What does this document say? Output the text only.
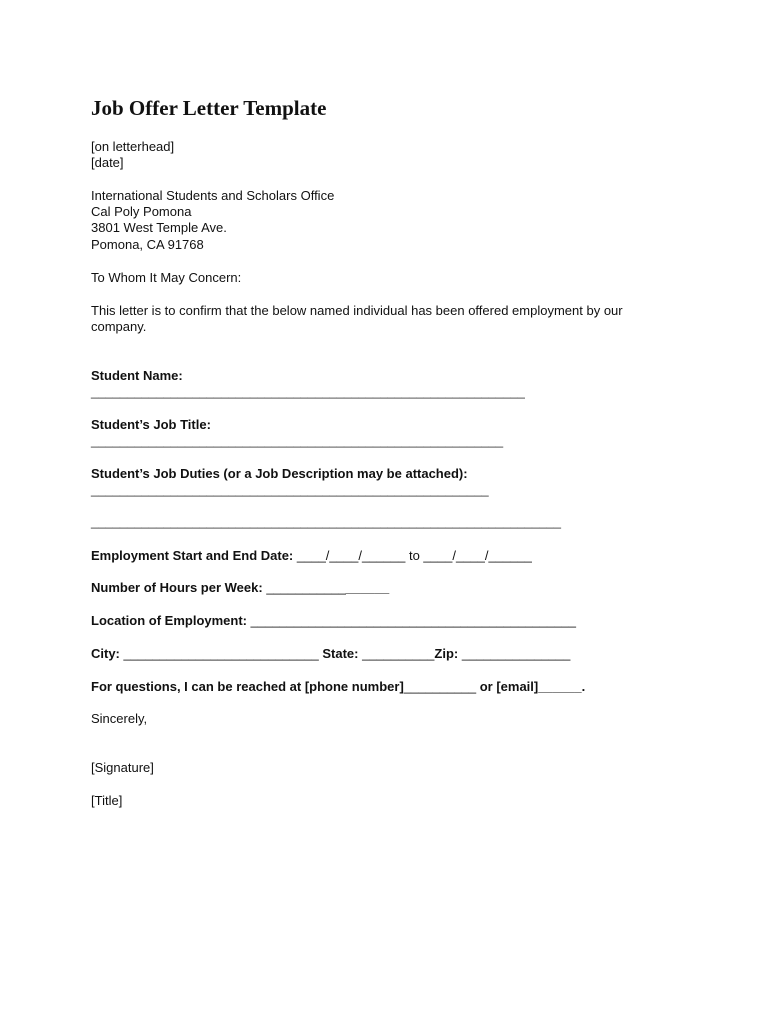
Job Offer Letter Template
[on letterhead]
[date]
International Students and Scholars Office
Cal Poly Pomona
3801 West Temple Ave.
Pomona, CA 91768
To Whom It May Concern:
This letter is to confirm that the below named individual has been offered employment by our company.
Student Name:
____________________________________________________________
Student’s Job Title:
_________________________________________________________
Student’s Job Duties (or a Job Description may be attached):
_______________________________________________________
_________________________________________________________________
Employment Start and End Date: ____/____/______ to ____/____/______
Number of Hours per Week: _________________
Location of Employment: _____________________________________________
City: ___________________________ State: __________Zip: _______________
For questions, I can be reached at [phone number]__________ or [email]______.
Sincerely,
[Signature]
[Title]
